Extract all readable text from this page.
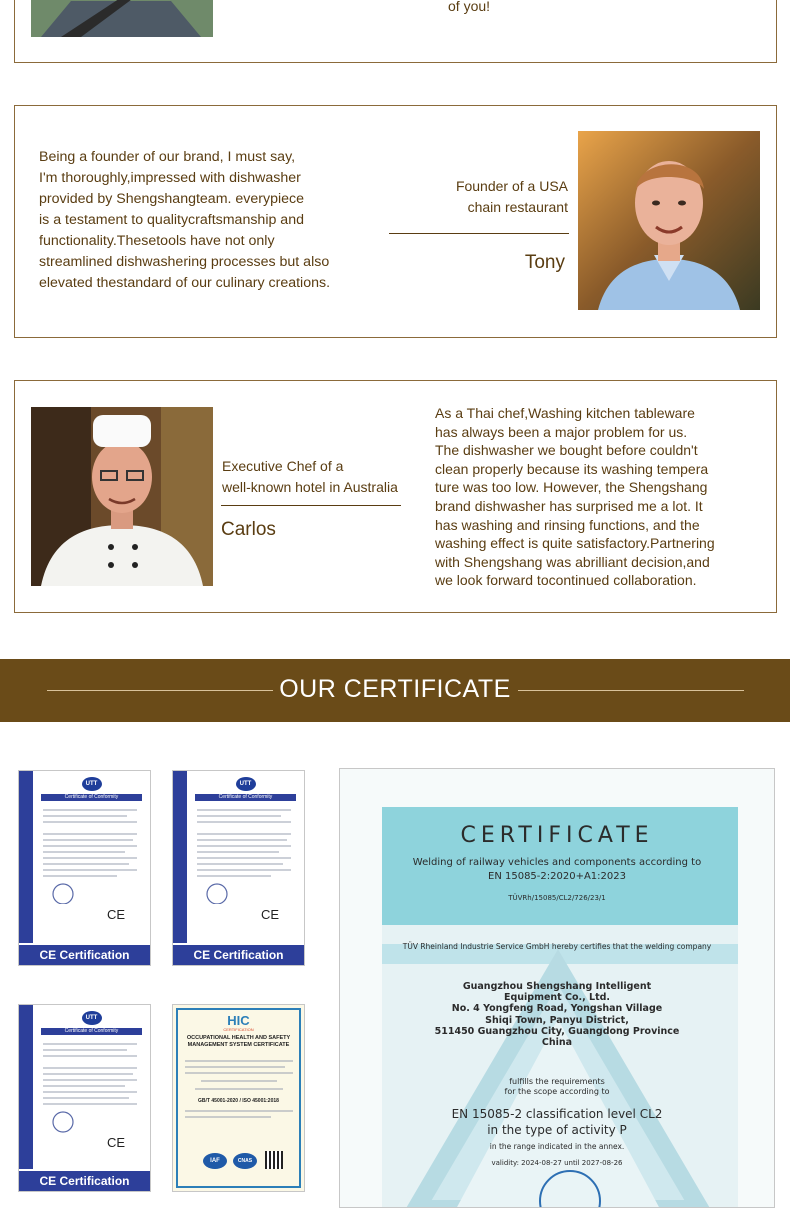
of you!
Being a founder of our brand, I must say,
I'm thoroughly,impressed with dishwasher
provided by Shengshangteam. everypiece
is a testament to qualitycraftsmanship and
functionality.Thesetools have not only
streamlined dishwashering processes but also
elevated thestandard of our culinary creations.
Founder of a USA
chain restaurant
Tony
Executive Chef of a
well-known hotel in Australia
Carlos
As a Thai chef,Washing kitchen tableware
has always been a major problem for us.
The dishwasher we bought before couldn't
clean properly because its washing tempera
ture was too low. However, the Shengshang
brand dishwasher has surprised me a lot. It
has washing and rinsing functions, and the
washing effect is quite satisfactory.Partnering
with Shengshang was abrilliant decision,and
we look forward tocontinued collaboration.
OUR CERTIFICATE
UTT
Certificate of Conformity
CE
CE Certification
UTT
Certificate of Conformity
CE
CE Certification
UTT
Certificate of Conformity
CE
CE Certification
HIC
CERTIFICATION
OCCUPATIONAL HEALTH AND SAFETY MANAGEMENT SYSTEM CERTIFICATE
GB/T 45001-2020 / ISO 45001:2018
IAF	CNAS
CERTIFICATE
Welding of railway vehicles and components according to
EN 15085-2:2020+A1:2023
TÜVRh/15085/CL2/726/23/1
TÜV Rheinland Industrie Service GmbH hereby certifies that the welding company
Guangzhou Shengshang Intelligent
Equipment Co., Ltd.
No. 4 Yongfeng Road, Yongshan Village
Shiqi Town, Panyu District,
511450 Guangzhou City, Guangdong Province
China
fulfills the requirements
for the scope according to
EN 15085-2 classification level CL2
in the type of activity P
in the range indicated in the annex.
validity: 2024-08-27 until 2027-08-26
